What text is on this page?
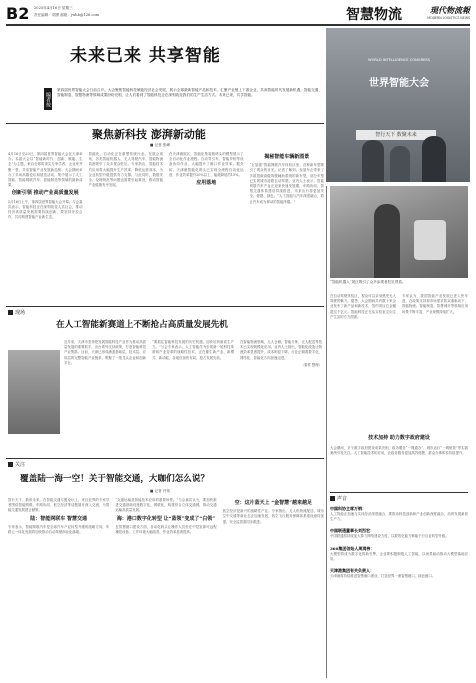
B2 2025年4月16日 星期三
责任编辑：胡勇 邮箱：jwhb@126.com	智慧物流	現代物流報
MODERN LOGISTICS NEWS
未来已来 共享智能
编者按
第四届世界智能大会日前召开。大会聚焦智能科技赋能经济社会发展，展示全球最新智能产品和技术，汇聚产业链上下游企业，共商智能时代发展新机遇。智能交通、智能制造、智慧物流等领域成果纷纷亮相，让人们看到了智能科技正在深刻改变我们的生产生活方式。未来已来，共享智能。
WORLD INTELLIGENCE CONGRESS
世界智能大会
智行天下 数聚未来
聚焦新科技 澎湃新动能
■ 记者 张峰
4月16日至20日，第四届世界智能大会在天津举办。本届大会以“智能新时代：创新、赋能、生态”为主题，来自全球的顶尖专家学者、企业家齐聚一堂，共话智能产业发展新趋势。大会期间举办了多场高端论坛和展览活动，集中展示了人工智能、智能网联汽车、智能制造等领域的最新成果。
创新引领 推动产业高质量发展
5月16日上午，第四届世界智能大会开幕。与会嘉宾表示，智能科技正在深刻改变人类社会，推动经济高质量发展需要持续创新，要坚持开放合作，共同构建智能产业新生态。
智能化、自动化正在重塑传统行业。在展会现场，各类智能机器人、无人驾驶汽车、智能物流装备吸引了众多观众驻足。专家指出，智能技术的应用将大幅提升生产效率，降低运营成本，为企业转型升级提供有力支撑。与此同时，数据安全、伦理规范等问题也需要引起重视，推动智能产业健康有序发展。
在天津港展区，智能化集装箱码头的模型展示了全自动化作业流程。自动导引车、智能岸桥等设备协同作业，大幅提升了港口作业效率。据介绍，天津港智能化码头已实现全流程自动化运营，作业效率提升20%以上，能耗降低约15%。
应用落地
揭秘智能车辆新图景
“五星级”智能网联汽车体验区里，各种新车型吸引了观众的目光。记者了解到，参展车企带来了多款搭载高级驾驶辅助系统的新车型，部分车型已实现城市道路自动驾驶。业内人士表示，智能网联汽车产业正迎来快速发展期，车路协同、智慧交通体系建设持续推进，未来出行将更加安全、便捷、绿色。“人工智能与汽车深度融合，将让汽车成为移动的智能终端。”
“智能机器人”展区吸引了众多参观者驻足观看。
在自动驾驶体验区，观众可以亲身感受无人驾驶的魅力。据悉，大会期间共有数十家企业发布了新产品和新技术，签约项目总金额超过千亿元。智能科技正在从实验室走向生产生活的方方面面。
专家认为，我国智能产业发展已进入快车道，在政策支持和市场需求的双重驱动下，智能物流、智能制造、智慧城市等领域应用场景不断丰富，产业规模持续扩大。
现场
在人工智能新赛道上不断抢占高质量发展先机
近年来，天津市坚持把发展智能科技产业作为推动高质量发展的重要抓手，出台系列支持政策，打造智能科技产业集群。目前，天津已形成涵盖基础层、技术层、应用层的完整智能产业链条，集聚了一批龙头企业和创新平台。
“要抓住智能科技发展的历史机遇，加快培育新质生产力。”与会专家表示，人工智能作为引领新一轮科技革命和产业变革的战略性技术，正在催生新产业、新模式、新动能，各地应加快布局，抢占发展先机。
在智能物流领域，无人仓储、智能分拣、无人配送等技术已实现规模化应用。业内人士指出，智能化改造让物流效率显著提升，成本明显下降，行业正朝着数字化、网络化、智能化方向加速迈进。
（秦哲 整理）
技术加持 助力数字政府建设
大会期间，多个数字政府建设成果亮相，政务服务“一网通办”、城市运行“一网统管”等实践案例引发关注。人工智能技术的应用，让政务服务更加高效便捷，群众办事体验持续提升。
关注
覆盖陆一海一空！关于智能交通，大咖们怎么说？
■ 记者 许伟
智行天下，数驭未来。在智能交通专题论坛上，来自业界的专家学者围绕智能网联、车路协同、低空经济等话题展开深入交流，为智能交通发展建言献策。
陆：智能网联车 智慧交通
专家表示，智能网联汽车是全球汽车产业转型升级的战略方向，车路云一体化发展将加快推动自动驾驶商业化落地。
“交通运输是智能技术应用的重要场景。”与会嘉宾认为，要加快推进交通基础设施数字化、网联化，构建综合立体交通网，推动交通运输高质量发展。
海：港口数字化转型 让“蓝领”变成了“白领”
在智慧港口建设方面，自动化码头让操作人员坐在中控室即可远程操控设备，工作环境大幅改善，作业效率显著提高。
空：这片蓝天上 “金智慧”越来越足
低空经济是新兴的战略性产业。专家指出，无人机物流配送、城市空中交通等新业态正加速发展，低空飞行服务保障体系建设亟待加强，安全监管需同步跟进。
声音
中国科协主席万钢：
人工智能正加速与实体经济深度融合，要推动科技创新和产业创新深度融合，培育发展新质生产力。
中国联通董事长刘烈宏：
中国联通将持续加大算力网络建设力度，以数智化能力赋能千行百业转型升级。
360集团创始人周鸿祎：
大模型将成为数字化的新引擎，企业要积极拥抱人工智能，以场景驱动推动大模型落地应用。
天津港集团有关负责人：
天津港将持续推进智慧港口建设，打造世界一流智慧港口、绿色港口。
